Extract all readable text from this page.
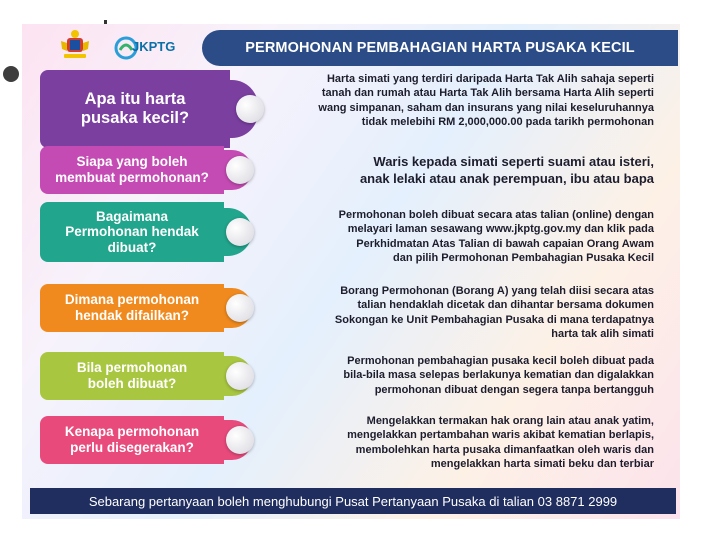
JKPTG	PERMOHONAN PEMBAHAGIAN HARTA PUSAKA KECIL
Apa itu harta
pusaka kecil?
Harta simati yang terdiri daripada Harta Tak Alih sahaja seperti
tanah dan rumah atau Harta Tak Alih bersama Harta Alih seperti
wang simpanan, saham dan insurans yang nilai keseluruhannya
tidak melebihi RM 2,000,000.00 pada tarikh permohonan
Siapa yang boleh
membuat permohonan?
Waris kepada simati seperti suami atau isteri,
anak lelaki atau anak perempuan, ibu atau bapa
Bagaimana
Permohonan hendak
dibuat?
Permohonan boleh dibuat secara atas talian (online) dengan
melayari laman sesawang www.jkptg.gov.my dan klik pada
Perkhidmatan Atas Talian di bawah capaian Orang Awam
dan pilih Permohonan Pembahagian Pusaka Kecil
Dimana permohonan
hendak difailkan?
Borang Permohonan (Borang A) yang telah diisi secara atas
talian hendaklah dicetak dan dihantar bersama dokumen
Sokongan ke Unit Pembahagian Pusaka di mana terdapatnya
harta tak alih simati
Bila permohonan
boleh dibuat?
Permohonan pembahagian pusaka kecil boleh dibuat pada
bila-bila masa selepas berlakunya kematian dan digalakkan
permohonan dibuat dengan segera tanpa bertangguh
Kenapa permohonan
perlu disegerakan?
Mengelakkan termakan hak orang lain atau anak yatim,
mengelakkan pertambahan waris akibat kematian berlapis,
membolehkan harta pusaka dimanfaatkan oleh waris dan
mengelakkan harta simati beku dan terbiar
Sebarang pertanyaan boleh menghubungi Pusat Pertanyaan Pusaka di talian 03 8871 2999
